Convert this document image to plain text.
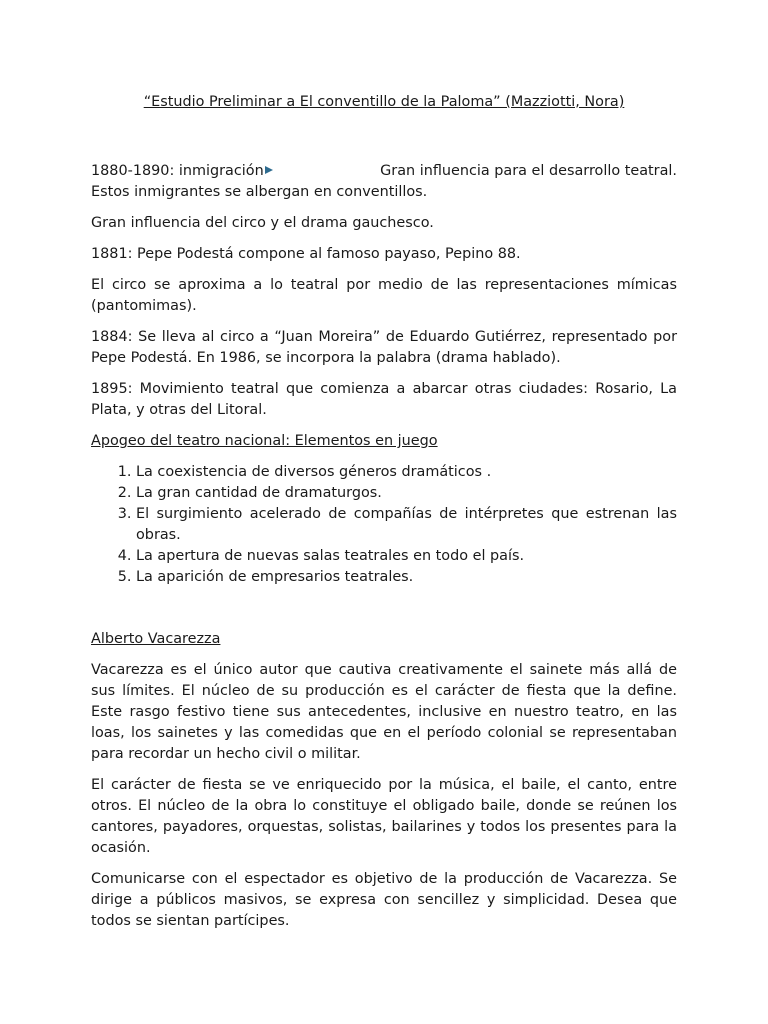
“Estudio Preliminar a El conventillo de la Paloma” (Mazziotti, Nora)
1880-1890: inmigración	Gran influencia para el desarrollo teatral.

Estos inmigrantes se albergan en conventillos.

Gran influencia del circo y el drama gauchesco.

1881: Pepe Podestá compone al famoso payaso, Pepino 88.

El circo se aproxima a lo teatral por medio de las representaciones mímicas (pantomimas).

1884: Se lleva al circo a “Juan Moreira” de Eduardo Gutiérrez, representado por Pepe Podestá. En 1986, se incorpora la palabra (drama hablado).

1895: Movimiento teatral que comienza a abarcar otras ciudades: Rosario, La Plata, y otras del Litoral.

Apogeo del teatro nacional: Elementos en juego

1. La coexistencia de diversos géneros dramáticos .
2. La gran cantidad de dramaturgos.
3. El surgimiento acelerado de compañías de intérpretes que estrenan las obras.
4. La apertura de nuevas salas teatrales en todo el país.
5. La aparición de empresarios teatrales.

Alberto Vacarezza

Vacarezza es el único autor que cautiva creativamente el sainete más allá de sus límites. El núcleo de su producción es el carácter de fiesta que la define. Este rasgo festivo tiene sus antecedentes, inclusive en nuestro teatro, en las loas, los sainetes y las comedidas que en el período colonial se representaban para recordar un hecho civil o militar.

El carácter de fiesta se ve enriquecido por la música, el baile, el canto, entre otros. El núcleo de la obra lo constituye el obligado baile, donde se reúnen los cantores, payadores, orquestas, solistas, bailarines y todos los presentes para la ocasión.

Comunicarse con el espectador es objetivo de la producción de Vacarezza. Se dirige a públicos masivos, se expresa con sencillez y simplicidad. Desea que todos se sientan partícipes.
